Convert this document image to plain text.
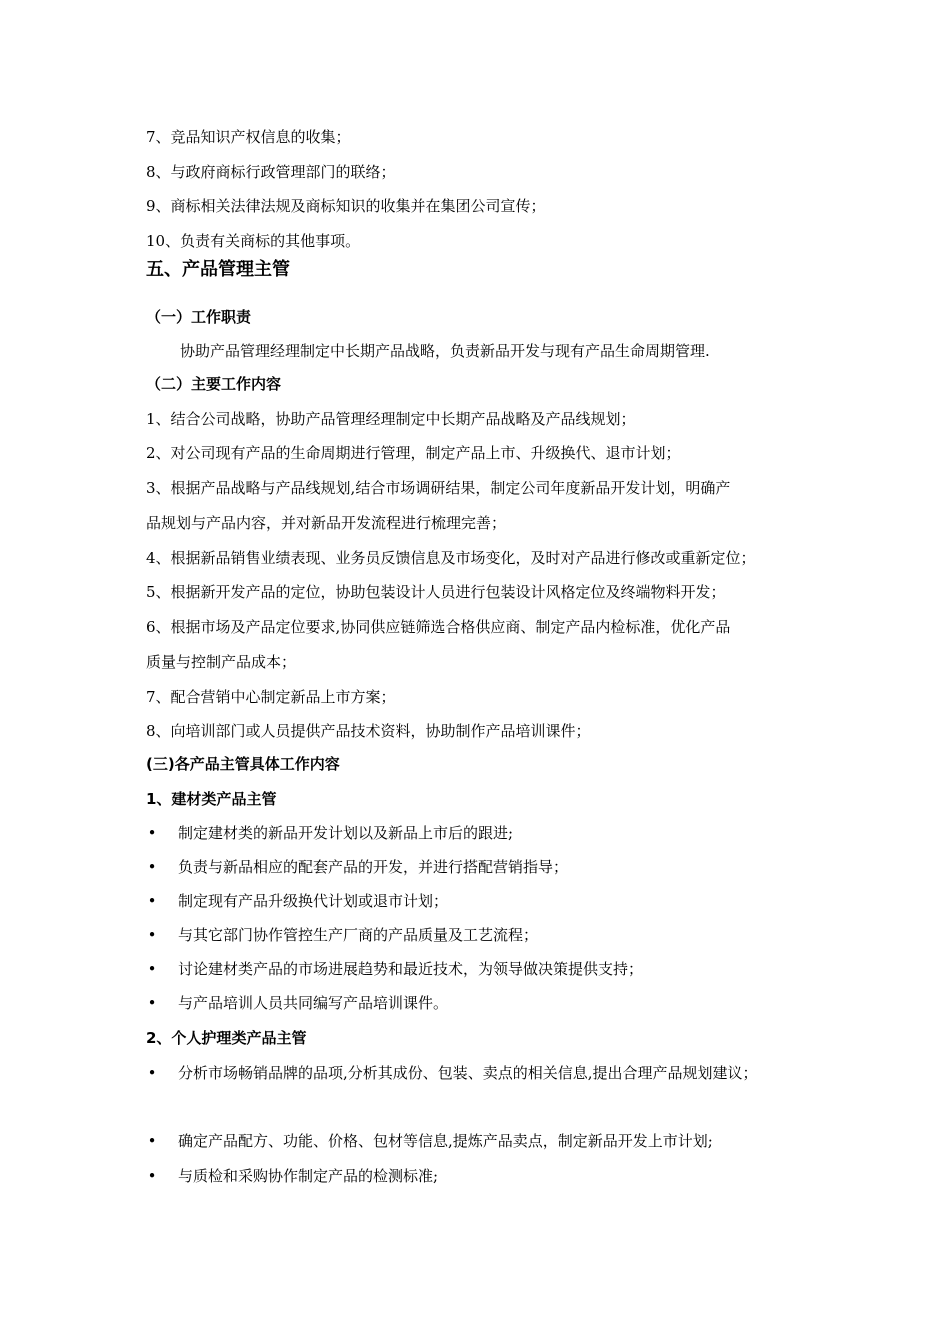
7、竞品知识产权信息的收集；
8、与政府商标行政管理部门的联络；
9、商标相关法律法规及商标知识的收集并在集团公司宣传；
10、负责有关商标的其他事项。
五、产品管理主管
（一）工作职责
协助产品管理经理制定中长期产品战略，负责新品开发与现有产品生命周期管理.
（二）主要工作内容
1、结合公司战略，协助产品管理经理制定中长期产品战略及产品线规划；
2、对公司现有产品的生命周期进行管理，制定产品上市、升级换代、退市计划；
3、根据产品战略与产品线规划,结合市场调研结果，制定公司年度新品开发计划，明确产
品规划与产品内容，并对新品开发流程进行梳理完善；
4、根据新品销售业绩表现、业务员反馈信息及市场变化，及时对产品进行修改或重新定位；
5、根据新开发产品的定位，协助包装设计人员进行包装设计风格定位及终端物料开发；
6、根据市场及产品定位要求,协同供应链筛选合格供应商、制定产品内检标准，优化产品
质量与控制产品成本；
7、配合营销中心制定新品上市方案；
8、向培训部门或人员提供产品技术资料，协助制作产品培训课件；
(三)各产品主管具体工作内容
1、建材类产品主管
• 制定建材类的新品开发计划以及新品上市后的跟进;
• 负责与新品相应的配套产品的开发，并进行搭配营销指导；
• 制定现有产品升级换代计划或退市计划；
• 与其它部门协作管控生产厂商的产品质量及工艺流程；
• 讨论建材类产品的市场进展趋势和最近技术，为领导做决策提供支持；
• 与产品培训人员共同编写产品培训课件。
2、个人护理类产品主管
• 分析市场畅销品牌的品项,分析其成份、包装、卖点的相关信息,提出合理产品规划建议；
• 确定产品配方、功能、价格、包材等信息,提炼产品卖点，制定新品开发上市计划;
• 与质检和采购协作制定产品的检测标准;
